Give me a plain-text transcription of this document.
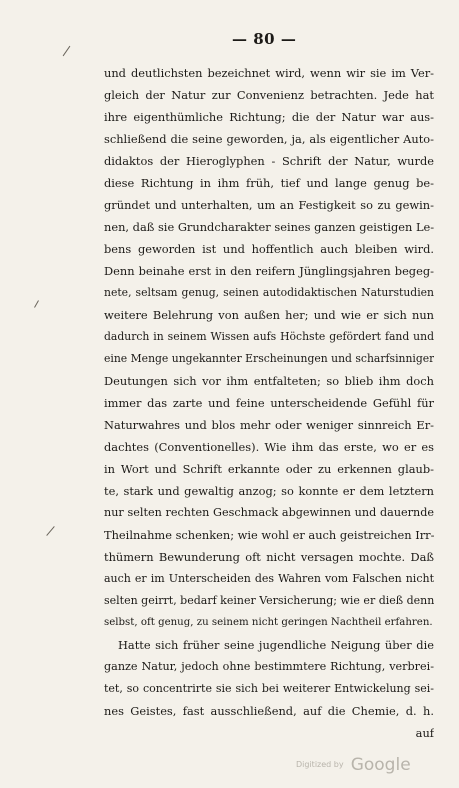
— 80 —
und deutlichsten bezeichnet wird, wenn wir sie im Ver-
gleich der Natur zur Convenienz betrachten. Jede hat
ihre eigenthümliche Richtung; die der Natur war aus-
schließend die seine geworden, ja, als eigentlicher Auto-
didaktos der Hieroglyphen - Schrift der Natur, wurde
diese Richtung in ihm früh, tief und lange genug be-
gründet und unterhalten, um an Festigkeit so zu gewin-
nen, daß sie Grundcharakter seines ganzen geistigen Le-
bens geworden ist und hoffentlich auch bleiben wird.
Denn beinahe erst in den reifern Jünglingsjahren begeg-
nete, seltsam genug, seinen autodidaktischen Naturstudien
weitere Belehrung von außen her; und wie er sich nun
dadurch in seinem Wissen aufs Höchste gefördert fand und
eine Menge ungekannter Erscheinungen und scharfsinniger
Deutungen sich vor ihm entfalteten; so blieb ihm doch
immer das zarte und feine unterscheidende Gefühl für
Naturwahres und blos mehr oder weniger sinnreich Er-
dachtes (Conventionelles). Wie ihm das erste, wo er es
in Wort und Schrift erkannte oder zu erkennen glaub-
te, stark und gewaltig anzog; so konnte er dem letztern
nur selten rechten Geschmack abgewinnen und dauernde
Theilnahme schenken; wie wohl er auch geistreichen Irr-
thümern Bewunderung oft nicht versagen mochte. Daß
auch er im Unterscheiden des Wahren vom Falschen nicht
selten geirrt, bedarf keiner Versicherung; wie er dieß denn
selbst, oft genug, zu seinem nicht geringen Nachtheil erfahren.
Hatte sich früher seine jugendliche Neigung über die
ganze Natur, jedoch ohne bestimmtere Richtung, verbrei-
tet, so concentrirte sie sich bei weiterer Entwickelung sei-
nes Geistes, fast ausschließend, auf die Chemie, d. h.
auf
Digitized by Google
